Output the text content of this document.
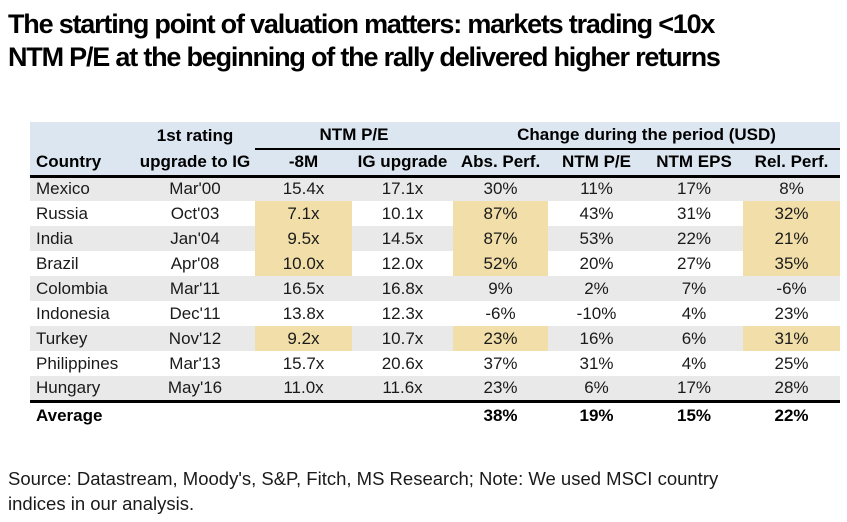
The starting point of valuation matters: markets trading <10x
NTM P/E at the beginning of the rally delivered higher returns
	1st rating	NTM P/E		Change during the period (USD)			
Country	upgrade to IG	-8M	IG upgrade	Abs. Perf.	NTM P/E	NTM EPS	Rel. Perf.
Mexico	Mar'00	15.4x	17.1x	30%	11%	17%	8%
Russia	Oct'03	7.1x	10.1x	87%	43%	31%	32%
India	Jan'04	9.5x	14.5x	87%	53%	22%	21%
Brazil	Apr'08	10.0x	12.0x	52%	20%	27%	35%
Colombia	Mar'11	16.5x	16.8x	9%	2%	7%	-6%
Indonesia	Dec'11	13.8x	12.3x	-6%	-10%	4%	23%
Turkey	Nov'12	9.2x	10.7x	23%	16%	6%	31%
Philippines	Mar'13	15.7x	20.6x	37%	31%	4%	25%
Hungary	May'16	11.0x	11.6x	23%	6%	17%	28%
Average				38%	19%	15%	22%
Source: Datastream, Moody's, S&P, Fitch, MS Research; Note: We used MSCI country
indices in our analysis.
